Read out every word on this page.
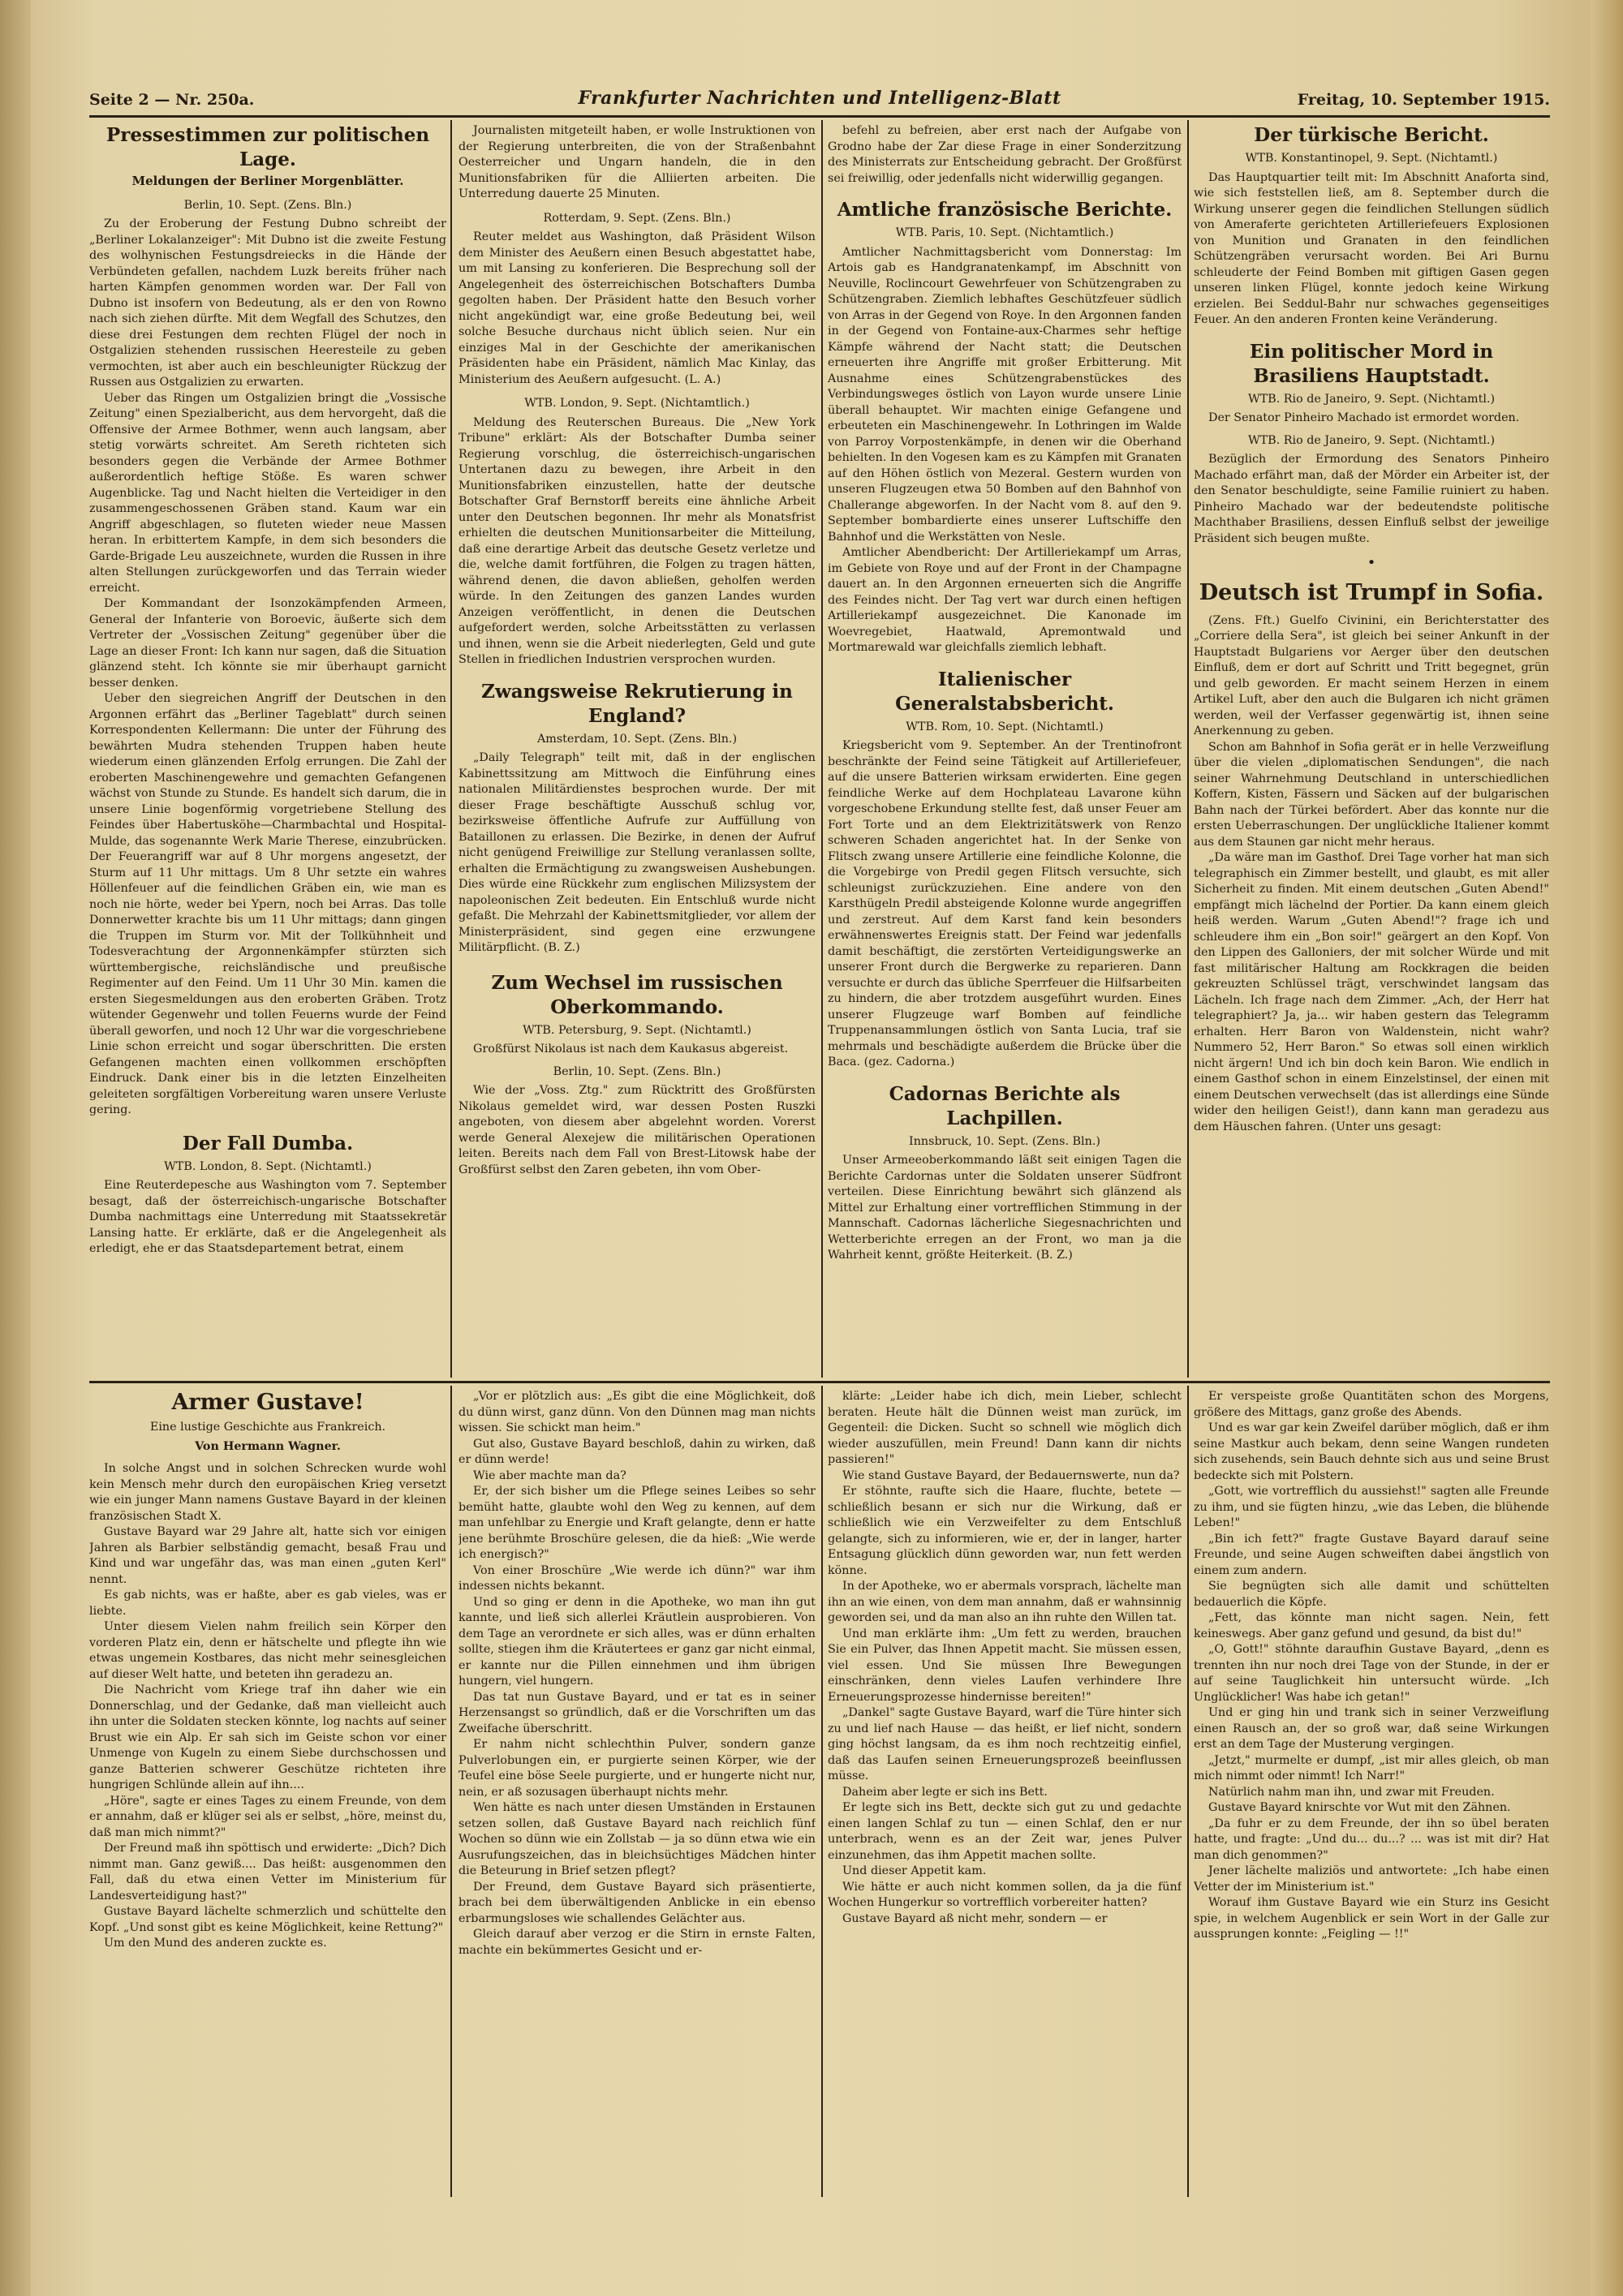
Seite 2 — Nr. 250a.	Frankfurter Nachrichten und Intelligenz-Blatt	Freitag, 10. September 1915.
Pressestimmen zur politischen Lage.
Meldungen der Berliner Morgenblätter.
Berlin, 10. Sept. (Zens. Bln.)

Zu der Eroberung der Festung Dubno schreibt der „Berliner Lokalanzeiger": Mit Dubno ist die zweite Festung des wolhynischen Festungsdreiecks in die Hände der Verbündeten gefallen, nachdem Luzk bereits früher nach harten Kämpfen genommen worden war. Der Fall von Dubno ist insofern von Bedeutung, als er den von Rowno nach sich ziehen dürfte. Mit dem Wegfall des Schutzes, den diese drei Festungen dem rechten Flügel der noch in Ostgalizien stehenden russischen Heeresteile zu geben vermochten, ist aber auch ein beschleunigter Rückzug der Russen aus Ostgalizien zu erwarten.

Ueber das Ringen um Ostgalizien bringt die „Vossische Zeitung" einen Spezialbericht, aus dem hervorgeht, daß die Offensive der Armee Bothmer, wenn auch langsam, aber stetig vorwärts schreitet. Am Sereth richteten sich besonders gegen die Verbände der Armee Bothmer außerordentlich heftige Stöße. Es waren schwer Augenblicke. Tag und Nacht hielten die Verteidiger in den zusammengeschossenen Gräben stand. Kaum war ein Angriff abgeschlagen, so fluteten wieder neue Massen heran. In erbittertem Kampfe, in dem sich besonders die Garde-Brigade Leu auszeichnete, wurden die Russen in ihre alten Stellungen zurückgeworfen und das Terrain wieder erreicht.

Der Kommandant der Isonzokämpfenden Armeen, General der Infanterie von Boroevic, äußerte sich dem Vertreter der „Vossischen Zeitung" gegenüber über die Lage an dieser Front: Ich kann nur sagen, daß die Situation glänzend steht. Ich könnte sie mir überhaupt garnicht besser denken.

Ueber den siegreichen Angriff der Deutschen in den Argonnen erfährt das „Berliner Tageblatt" durch seinen Korrespondenten Kellermann: Die unter der Führung des bewährten Mudra stehenden Truppen haben heute wiederum einen glänzenden Erfolg errungen. Die Zahl der eroberten Maschinengewehre und gemachten Gefangenen wächst von Stunde zu Stunde. Es handelt sich darum, die in unsere Linie bogenförmig vorgetriebene Stellung des Feindes über Habertusköhe—Charmbachtal und Hospital-Mulde, das sogenannte Werk Marie Therese, einzubrücken. Der Feuerangriff war auf 8 Uhr morgens angesetzt, der Sturm auf 11 Uhr mittags. Um 8 Uhr setzte ein wahres Höllenfeuer auf die feindlichen Gräben ein, wie man es noch nie hörte, weder bei Ypern, noch bei Arras. Das tolle Donnerwetter krachte bis um 11 Uhr mittags; dann gingen die Truppen im Sturm vor. Mit der Tollkühnheit und Todesverachtung der Argonnenkämpfer stürzten sich württembergische, reichsländische und preußische Regimenter auf den Feind. Um 11 Uhr 30 Min. kamen die ersten Siegesmeldungen aus den eroberten Gräben. Trotz wütender Gegenwehr und tollen Feuerns wurde der Feind überall geworfen, und noch 12 Uhr war die vorgeschriebene Linie schon erreicht und sogar überschritten. Die ersten Gefangenen machten einen vollkommen erschöpften Eindruck. Dank einer bis in die letzten Einzelheiten geleiteten sorgfältigen Vorbereitung waren unsere Verluste gering.

Der Fall Dumba.
WTB. London, 8. Sept. (Nichtamtl.)

Eine Reuterdepesche aus Washington vom 7. September besagt, daß der österreichisch-ungarische Botschafter Dumba nachmittags eine Unterredung mit Staatssekretär Lansing hatte. Er erklärte, daß er die Angelegenheit als erledigt, ehe er das Staatsdepartement betrat, einem

Journalisten mitgeteilt haben, er wolle Instruktionen von der Regierung unterbreiten, die von der Straßenbahnt Oesterreicher und Ungarn handeln, die in den Munitionsfabriken für die Alliierten arbeiten. Die Unterredung dauerte 25 Minuten.

Rotterdam, 9. Sept. (Zens. Bln.)

Reuter meldet aus Washington, daß Präsident Wilson dem Minister des Aeußern einen Besuch abgestattet habe, um mit Lansing zu konferieren. Die Besprechung soll der Angelegenheit des österreichischen Botschafters Dumba gegolten haben. Der Präsident hatte den Besuch vorher nicht angekündigt war, eine große Bedeutung bei, weil solche Besuche durchaus nicht üblich seien. Nur ein einziges Mal in der Geschichte der amerikanischen Präsidenten habe ein Präsident, nämlich Mac Kinlay, das Ministerium des Aeußern aufgesucht. (L. A.)

WTB. London, 9. Sept. (Nichtamtlich.)

Meldung des Reuterschen Bureaus. Die „New York Tribune" erklärt: Als der Botschafter Dumba seiner Regierung vorschlug, die österreichisch-ungarischen Untertanen dazu zu bewegen, ihre Arbeit in den Munitionsfabriken einzustellen, hatte der deutsche Botschafter Graf Bernstorff bereits eine ähnliche Arbeit unter den Deutschen begonnen. Ihr mehr als Monatsfrist erhielten die deutschen Munitionsarbeiter die Mitteilung, daß eine derartige Arbeit das deutsche Gesetz verletze und die, welche damit fortführen, die Folgen zu tragen hätten, während denen, die davon abließen, geholfen werden würde. In den Zeitungen des ganzen Landes wurden Anzeigen veröffentlicht, in denen die Deutschen aufgefordert werden, solche Arbeitsstätten zu verlassen und ihnen, wenn sie die Arbeit niederlegten, Geld und gute Stellen in friedlichen Industrien versprochen wurden.

Zwangsweise Rekrutierung in England?
Amsterdam, 10. Sept. (Zens. Bln.)

„Daily Telegraph" teilt mit, daß in der englischen Kabinettssitzung am Mittwoch die Einführung eines nationalen Militärdienstes besprochen wurde. Der mit dieser Frage beschäftigte Ausschuß schlug vor, bezirksweise öffentliche Aufrufe zur Auffüllung von Bataillonen zu erlassen. Die Bezirke, in denen der Aufruf nicht genügend Freiwillige zur Stellung veranlassen sollte, erhalten die Ermächtigung zu zwangsweisen Aushebungen. Dies würde eine Rückkehr zum englischen Milizsystem der napoleonischen Zeit bedeuten. Ein Entschluß wurde nicht gefaßt. Die Mehrzahl der Kabinettsmitglieder, vor allem der Ministerpräsident, sind gegen eine erzwungene Militärpflicht. (B. Z.)

Zum Wechsel im russischen Oberkommando.
WTB. Petersburg, 9. Sept. (Nichtamtl.)

Großfürst Nikolaus ist nach dem Kaukasus abgereist.

Berlin, 10. Sept. (Zens. Bln.)

Wie der „Voss. Ztg." zum Rücktritt des Großfürsten Nikolaus gemeldet wird, war dessen Posten Ruszki angeboten, von diesem aber abgelehnt worden. Vorerst werde General Alexejew die militärischen Operationen leiten. Bereits nach dem Fall von Brest-Litowsk habe der Großfürst selbst den Zaren gebeten, ihn vom Ober-

befehl zu befreien, aber erst nach der Aufgabe von Grodno habe der Zar diese Frage in einer Sonderzitzung des Ministerrats zur Entscheidung gebracht. Der Großfürst sei freiwillig, oder jedenfalls nicht widerwillig gegangen.

Amtliche französische Berichte.
WTB. Paris, 10. Sept. (Nichtamtlich.)

Amtlicher Nachmittagsbericht vom Donnerstag: Im Artois gab es Handgranatenkampf, im Abschnitt von Neuville, Roclincourt Gewehrfeuer von Schützengraben zu Schützengraben. Ziemlich lebhaftes Geschützfeuer südlich von Arras in der Gegend von Roye. In den Argonnen fanden in der Gegend von Fontaine-aux-Charmes sehr heftige Kämpfe während der Nacht statt; die Deutschen erneuerten ihre Angriffe mit großer Erbitterung. Mit Ausnahme eines Schützengrabenstückes des Verbindungsweges östlich von Layon wurde unsere Linie überall behauptet. Wir machten einige Gefangene und erbeuteten ein Maschinengewehr. In Lothringen im Walde von Parroy Vorpostenkämpfe, in denen wir die Oberhand behielten. In den Vogesen kam es zu Kämpfen mit Granaten auf den Höhen östlich von Mezeral. Gestern wurden von unseren Flugzeugen etwa 50 Bomben auf den Bahnhof von Challerange abgeworfen. In der Nacht vom 8. auf den 9. September bombardierte eines unserer Luftschiffe den Bahnhof und die Werkstätten von Nesle.

Amtlicher Abendbericht: Der Artilleriekampf um Arras, im Gebiete von Roye und auf der Front in der Champagne dauert an. In den Argonnen erneuerten sich die Angriffe des Feindes nicht. Der Tag vert war durch einen heftigen Artilleriekampf ausgezeichnet. Die Kanonade im Woevregebiet, Haatwald, Apremontwald und Mortmarewald war gleichfalls ziemlich lebhaft.

Italienischer Generalstabsbericht.
WTB. Rom, 10. Sept. (Nichtamtl.)

Kriegsbericht vom 9. September. An der Trentinofront beschränkte der Feind seine Tätigkeit auf Artilleriefeuer, auf die unsere Batterien wirksam erwiderten. Eine gegen feindliche Werke auf dem Hochplateau Lavarone kühn vorgeschobene Erkundung stellte fest, daß unser Feuer am Fort Torte und an dem Elektrizitätswerk von Renzo schweren Schaden angerichtet hat. In der Senke von Flitsch zwang unsere Artillerie eine feindliche Kolonne, die die Vorgebirge von Predil gegen Flitsch versuchte, sich schleunigst zurückzuziehen. Eine andere von den Karsthügeln Predil absteigende Kolonne wurde angegriffen und zerstreut. Auf dem Karst fand kein besonders erwähnenswertes Ereignis statt. Der Feind war jedenfalls damit beschäftigt, die zerstörten Verteidigungswerke an unserer Front durch die Bergwerke zu reparieren. Dann versuchte er durch das übliche Sperrfeuer die Hilfsarbeiten zu hindern, die aber trotzdem ausgeführt wurden. Eines unserer Flugzeuge warf Bomben auf feindliche Truppenansammlungen östlich von Santa Lucia, traf sie mehrmals und beschädigte außerdem die Brücke über die Baca. (gez. Cadorna.)

Cadornas Berichte als Lachpillen.
Innsbruck, 10. Sept. (Zens. Bln.)

Unser Armeeoberkommando läßt seit einigen Tagen die Berichte Cardornas unter die Soldaten unserer Südfront verteilen. Diese Einrichtung bewährt sich glänzend als Mittel zur Erhaltung einer vortrefflichen Stimmung in der Mannschaft. Cadornas lächerliche Siegesnachrichten und Wetterberichte erregen an der Front, wo man ja die Wahrheit kennt, größte Heiterkeit. (B. Z.)

Der türkische Bericht.
WTB. Konstantinopel, 9. Sept. (Nichtamtl.)

Das Hauptquartier teilt mit: Im Abschnitt Anaforta sind, wie sich feststellen ließ, am 8. September durch die Wirkung unserer gegen die feindlichen Stellungen südlich von Ameraferte gerichteten Artilleriefeuers Explosionen von Munition und Granaten in den feindlichen Schützengräben verursacht worden. Bei Ari Burnu schleuderte der Feind Bomben mit giftigen Gasen gegen unseren linken Flügel, konnte jedoch keine Wirkung erzielen. Bei Seddul-Bahr nur schwaches gegenseitiges Feuer. An den anderen Fronten keine Veränderung.

Ein politischer Mord in Brasiliens Hauptstadt.
WTB. Rio de Janeiro, 9. Sept. (Nichtamtl.)

Der Senator Pinheiro Machado ist ermordet worden.

WTB. Rio de Janeiro, 9. Sept. (Nichtamtl.)

Bezüglich der Ermordung des Senators Pinheiro Machado erfährt man, daß der Mörder ein Arbeiter ist, der den Senator beschuldigte, seine Familie ruiniert zu haben. Pinheiro Machado war der bedeutendste politische Machthaber Brasiliens, dessen Einfluß selbst der jeweilige Präsident sich beugen mußte.

•
Deutsch ist Trumpf in Sofia.

(Zens. Fft.) Guelfo Civinini, ein Berichterstatter des „Corriere della Sera", ist gleich bei seiner Ankunft in der Hauptstadt Bulgariens vor Aerger über den deutschen Einfluß, dem er dort auf Schritt und Tritt begegnet, grün und gelb geworden. Er macht seinem Herzen in einem Artikel Luft, aber den auch die Bulgaren ich nicht grämen werden, weil der Verfasser gegenwärtig ist, ihnen seine Anerkennung zu geben.

Schon am Bahnhof in Sofia gerät er in helle Verzweiflung über die vielen „diplomatischen Sendungen", die nach seiner Wahrnehmung Deutschland in unterschiedlichen Koffern, Kisten, Fässern und Säcken auf der bulgarischen Bahn nach der Türkei befördert. Aber das konnte nur die ersten Ueberraschungen. Der unglückliche Italiener kommt aus dem Staunen gar nicht mehr heraus.

„Da wäre man im Gasthof. Drei Tage vorher hat man sich telegraphisch ein Zimmer bestellt, und glaubt, es mit aller Sicherheit zu finden. Mit einem deutschen „Guten Abend!" empfängt mich lächelnd der Portier. Da kann einem gleich heiß werden. Warum „Guten Abend!"? frage ich und schleudere ihm ein „Bon soir!" geärgert an den Kopf. Von den Lippen des Galloniers, der mit solcher Würde und mit fast militärischer Haltung am Rockkragen die beiden gekreuzten Schlüssel trägt, verschwindet langsam das Lächeln. Ich frage nach dem Zimmer. „Ach, der Herr hat telegraphiert? Ja, ja... wir haben gestern das Telegramm erhalten. Herr Baron von Waldenstein, nicht wahr? Nummero 52, Herr Baron." So etwas soll einen wirklich nicht ärgern! Und ich bin doch kein Baron. Wie endlich in einem Gasthof schon in einem Einzelstinsel, der einen mit einem Deutschen verwechselt (das ist allerdings eine Sünde wider den heiligen Geist!), dann kann man geradezu aus dem Häuschen fahren. (Unter uns gesagt:

Armer Gustave!
Eine lustige Geschichte aus Frankreich.
Von Hermann Wagner.

In solche Angst und in solchen Schrecken wurde wohl kein Mensch mehr durch den europäischen Krieg versetzt wie ein junger Mann namens Gustave Bayard in der kleinen französischen Stadt X.

Gustave Bayard war 29 Jahre alt, hatte sich vor einigen Jahren als Barbier selbständig gemacht, besaß Frau und Kind und war ungefähr das, was man einen „guten Kerl" nennt.

Es gab nichts, was er haßte, aber es gab vieles, was er liebte.

Unter diesem Vielen nahm freilich sein Körper den vorderen Platz ein, denn er hätschelte und pflegte ihn wie etwas ungemein Kostbares, das nicht mehr seinesgleichen auf dieser Welt hatte, und beteten ihn geradezu an.

Die Nachricht vom Kriege traf ihn daher wie ein Donnerschlag, und der Gedanke, daß man vielleicht auch ihn unter die Soldaten stecken könnte, log nachts auf seiner Brust wie ein Alp. Er sah sich im Geiste schon vor einer Unmenge von Kugeln zu einem Siebe durchschossen und ganze Batterien schwerer Geschütze richteten ihre hungrigen Schlünde allein auf ihn....

„Höre", sagte er eines Tages zu einem Freunde, von dem er annahm, daß er klüger sei als er selbst, „höre, meinst du, daß man mich nimmt?"

Der Freund maß ihn spöttisch und erwiderte: „Dich? Dich nimmt man. Ganz gewiß.... Das heißt: ausgenommen den Fall, daß du etwa einen Vetter im Ministerium für Landesverteidigung hast?"

Gustave Bayard lächelte schmerzlich und schüttelte den Kopf. „Und sonst gibt es keine Möglichkeit, keine Rettung?"

Um den Mund des anderen zuckte es.

„Vor er plötzlich aus: „Es gibt die eine Möglichkeit, doß du dünn wirst, ganz dünn. Von den Dünnen mag man nichts wissen. Sie schickt man heim."

Gut also, Gustave Bayard beschloß, dahin zu wirken, daß er dünn werde!

Wie aber machte man da?

Er, der sich bisher um die Pflege seines Leibes so sehr bemüht hatte, glaubte wohl den Weg zu kennen, auf dem man unfehlbar zu Energie und Kraft gelangte, denn er hatte jene berühmte Broschüre gelesen, die da hieß: „Wie werde ich energisch?"

Von einer Broschüre „Wie werde ich dünn?" war ihm indessen nichts bekannt.

Und so ging er denn in die Apotheke, wo man ihn gut kannte, und ließ sich allerlei Kräutlein ausprobieren. Von dem Tage an verordnete er sich alles, was er dünn erhalten sollte, stiegen ihm die Kräutertees er ganz gar nicht einmal, er kannte nur die Pillen einnehmen und ihm übrigen hungern, viel hungern.

Das tat nun Gustave Bayard, und er tat es in seiner Herzensangst so gründlich, daß er die Vorschriften um das Zweifache überschritt.

Er nahm nicht schlechthin Pulver, sondern ganze Pulverlobungen ein, er purgierte seinen Körper, wie der Teufel eine böse Seele purgierte, und er hungerte nicht nur, nein, er aß sozusagen überhaupt nichts mehr.

Wen hätte es nach unter diesen Umständen in Erstaunen setzen sollen, daß Gustave Bayard nach reichlich fünf Wochen so dünn wie ein Zollstab — ja so dünn etwa wie ein Ausrufungszeichen, das in bleichsüchtiges Mädchen hinter die Beteurung in Brief setzen pflegt?

Der Freund, dem Gustave Bayard sich präsentierte, brach bei dem überwältigenden Anblicke in ein ebenso erbarmungsloses wie schallendes Gelächter aus.

Gleich darauf aber verzog er die Stirn in ernste Falten, machte ein bekümmertes Gesicht und er-

klärte: „Leider habe ich dich, mein Lieber, schlecht beraten. Heute hält die Dünnen weist man zurück, im Gegenteil: die Dicken. Sucht so schnell wie möglich dich wieder auszufüllen, mein Freund! Dann kann dir nichts passieren!"

Wie stand Gustave Bayard, der Bedauernswerte, nun da?

Er stöhnte, raufte sich die Haare, fluchte, betete — schließlich besann er sich nur die Wirkung, daß er schließlich wie ein Verzweifelter zu dem Entschluß gelangte, sich zu informieren, wie er, der in langer, harter Entsagung glücklich dünn geworden war, nun fett werden könne.

In der Apotheke, wo er abermals vorsprach, lächelte man ihn an wie einen, von dem man annahm, daß er wahnsinnig geworden sei, und da man also an ihn ruhte den Willen tat.

Und man erklärte ihm: „Um fett zu werden, brauchen Sie ein Pulver, das Ihnen Appetit macht. Sie müssen essen, viel essen. Und Sie müssen Ihre Bewegungen einschränken, denn vieles Laufen verhindere Ihre Erneuerungsprozesse hindernisse bereiten!"

„Dankel" sagte Gustave Bayard, warf die Türe hinter sich zu und lief nach Hause — das heißt, er lief nicht, sondern ging höchst langsam, da es ihm noch rechtzeitig einfiel, daß das Laufen seinen Erneuerungsprozeß beeinflussen müsse.

Daheim aber legte er sich ins Bett.

Er legte sich ins Bett, deckte sich gut zu und gedachte einen langen Schlaf zu tun — einen Schlaf, den er nur unterbrach, wenn es an der Zeit war, jenes Pulver einzunehmen, das ihm Appetit machen sollte.

Und dieser Appetit kam.

Wie hätte er auch nicht kommen sollen, da ja die fünf Wochen Hungerkur so vortrefflich vorbereiter hatten?

Gustave Bayard aß nicht mehr, sondern — er

Er verspeiste große Quantitäten schon des Morgens, größere des Mittags, ganz große des Abends.

Und es war gar kein Zweifel darüber möglich, daß er ihm seine Mastkur auch bekam, denn seine Wangen rundeten sich zusehends, sein Bauch dehnte sich aus und seine Brust bedeckte sich mit Polstern.

„Gott, wie vortrefflich du aussiehst!" sagten alle Freunde zu ihm, und sie fügten hinzu, „wie das Leben, die blühende Leben!"

„Bin ich fett?" fragte Gustave Bayard darauf seine Freunde, und seine Augen schweiften dabei ängstlich von einem zum andern.

Sie begnügten sich alle damit und schüttelten bedauerlich die Köpfe.

„Fett, das könnte man nicht sagen. Nein, fett keineswegs. Aber ganz gefund und gesund, da bist du!"

„O, Gott!" stöhnte daraufhin Gustave Bayard, „denn es trennten ihn nur noch drei Tage von der Stunde, in der er auf seine Tauglichkeit hin untersucht würde. „Ich Unglücklicher! Was habe ich getan!"

Und er ging hin und trank sich in seiner Verzweiflung einen Rausch an, der so groß war, daß seine Wirkungen erst an dem Tage der Musterung vergingen.

„Jetzt," murmelte er dumpf, „ist mir alles gleich, ob man mich nimmt oder nimmt! Ich Narr!"

Natürlich nahm man ihn, und zwar mit Freuden.

Gustave Bayard knirschte vor Wut mit den Zähnen.

„Da fuhr er zu dem Freunde, der ihn so übel beraten hatte, und fragte: „Und du... du...? ... was ist mit dir? Hat man dich genommen?"

Jener lächelte maliziös und antwortete: „Ich habe einen Vetter der im Ministerium ist."

Worauf ihm Gustave Bayard wie ein Sturz ins Gesicht spie, in welchem Augenblick er sein Wort in der Galle zur aussprungen konnte: „Feigling — !!"
